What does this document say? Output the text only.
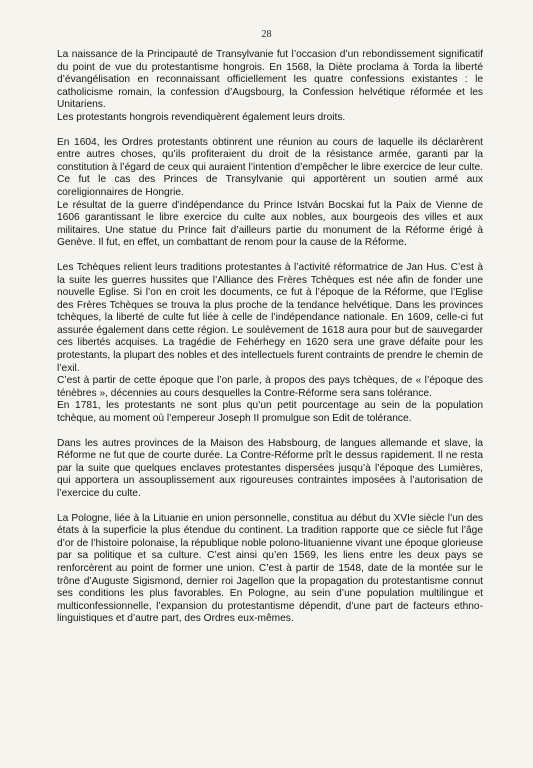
28

La naissance de la Principauté de Transylvanie fut l’occasion d’un rebondissement significatif du point de vue du protestantisme hongrois. En 1568, la Diète proclama à Torda la liberté d’évangélisation en reconnaissant officiellement les quatre confessions existantes : le catholicisme romain, la confession d’Augsbourg, la Confession helvétique réformée et les Unitariens.

Les protestants hongrois revendiquèrent également leurs droits.

En 1604, les Ordres protestants obtinrent une réunion au cours de laquelle ils déclarèrent entre autres choses, qu’ils profiteraient du droit de la résistance armée, garanti par la constitution à l’égard de ceux qui auraient l’intention d’empêcher le libre exercice de leur culte. Ce fut le cas des Princes de Transylvanie qui apportèrent un soutien armé aux coreligionnaires de Hongrie.

Le résultat de la guerre d’indépendance du Prince István Bocskai fut la Paix de Vienne de 1606 garantissant le libre exercice du culte aux nobles, aux bourgeois des villes et aux militaires. Une statue du Prince fait d’ailleurs partie du monument de la Réforme érigé à Genève. Il fut, en effet, un combattant de renom pour la cause de la Réforme.

Les Tchèques relient leurs traditions protestantes à l’activité réformatrice de Jan Hus. C’est à la suite les guerres hussites que l’Alliance des Frères Tchèques est née afin de fonder une nouvelle Eglise. Si l’on en croit les documents, ce fut à l’époque de la Réforme, que l’Eglise des Frères Tchèques se trouva la plus proche de la tendance helvétique. Dans les provinces tchèques, la liberté de culte fut liée à celle de l’indépendance nationale. En 1609, celle-ci fut assurée également dans cette région. Le soulèvement de 1618 aura pour but de sauvegarder ces libertés acquises. La tragédie de Fehérhegy en 1620 sera une grave défaite pour les protestants, la plupart des nobles et des intellectuels furent contraints de prendre le chemin de l’exil.

C’est à partir de cette époque que l’on parle, à propos des pays tchèques, de « l’époque des ténèbres », décennies au cours desquelles la Contre-Réforme sera sans tolérance.

En 1781, les protestants ne sont plus qu’un petit pourcentage au sein de la population tchèque, au moment où l’empereur Joseph II promulgue son Edit de tolérance.

Dans les autres provinces de la Maison des Habsbourg, de langues allemande et slave, la Réforme ne fut que de courte durée. La Contre-Réforme prît le dessus rapidement. Il ne resta par la suite que quelques enclaves protestantes dispersées jusqu’à l’époque des Lumières, qui apportera un assouplissement aux rigoureuses contraintes imposées à l’autorisation de l’exercice du culte.

La Pologne, liée à la Lituanie en union personnelle, constitua au début du XVIe siècle l’un des états à la superficie la plus étendue du continent. La tradition rapporte que ce siècle fut l’âge d’or de l’histoire polonaise, la république noble polono-lituanienne vivant une époque glorieuse par sa politique et sa culture. C’est ainsi qu’en 1569, les liens entre les deux pays se renforcèrent au point de former une union. C’est à partir de 1548, date de la montée sur le trône d’Auguste Sigismond, dernier roi Jagellon que la propagation du protestantisme connut ses conditions les plus favorables. En Pologne, au sein d’une population multilingue et multiconfessionnelle, l’expansion du protestantisme dépendit, d’une part de facteurs ethno-linguistiques et d’autre part, des Ordres eux-mêmes.
